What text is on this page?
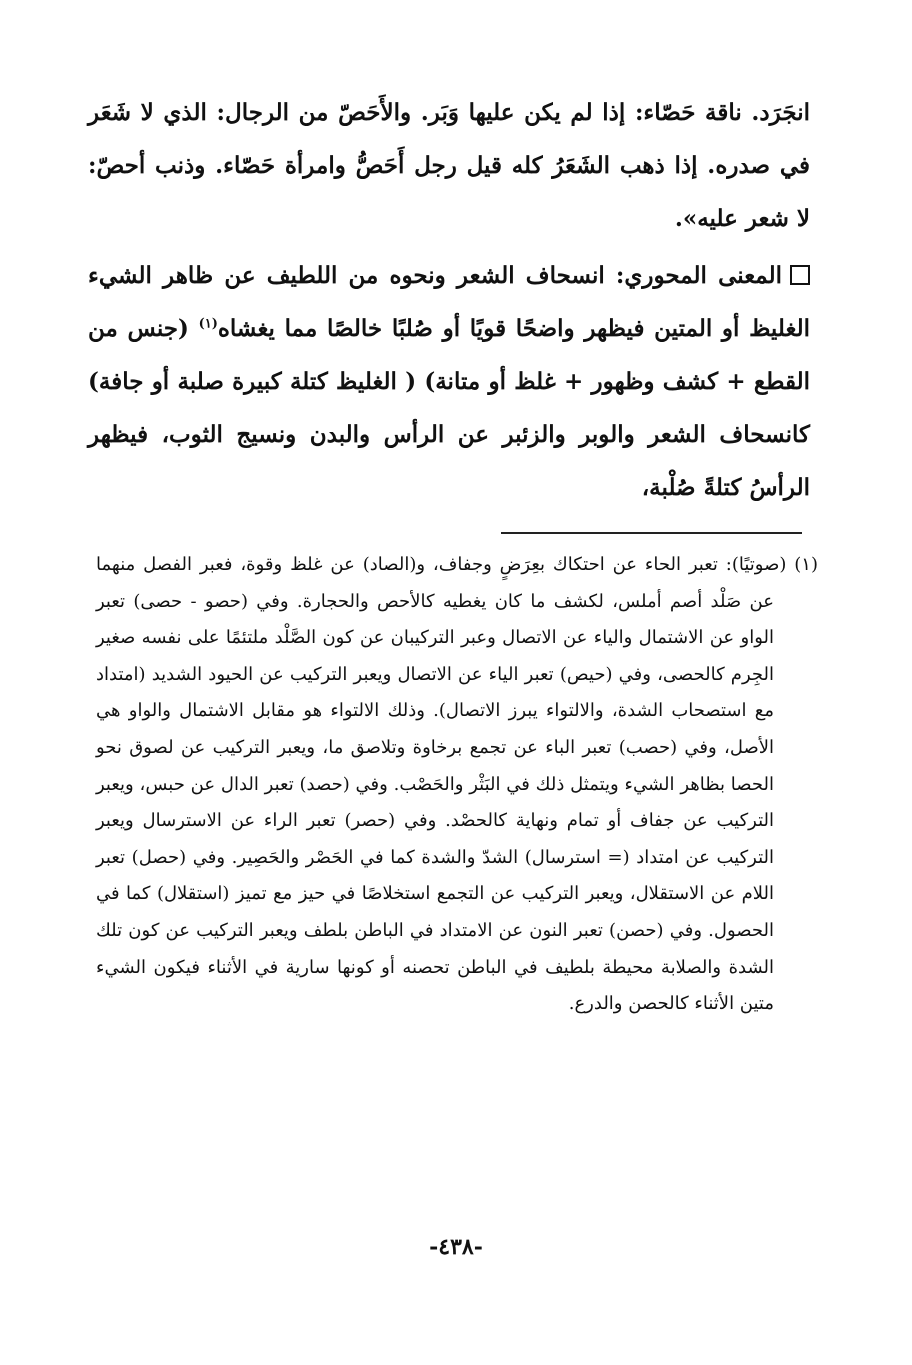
انجَرَد. ناقة حَصّاء: إذا لم يكن عليها وَبَر. والأَحَصّ من الرجال: الذي لا شَعَر في صدره. إذا ذهب الشَعَرُ كله قيل رجل أَحَصُّ وامرأة حَصّاء. وذنب أحصّ: لا شعر عليه».

المعنى المحوري: انسحاف الشعر ونحوه من اللطيف عن ظاهر الشيء الغليظ أو المتين فيظهر واضحًا قويًا أو صُلبًا خالصًا مما يغشاه$^{(١)}$ (جنس من القطع + كشف وظهور + غلظ أو متانة) ( الغليظ كتلة كبيرة صلبة أو جافة) كانسحاف الشعر والوبر والزئبر عن الرأس والبدن ونسيج الثوب، فيظهر الرأسُ كتلةً صُلْبة،

(١) (صوتيًا): تعبر الحاء عن احتكاك بعِرَضٍ وجفاف، و(الصاد) عن غلظ وقوة، فعبر الفصل منهما عن صَلْد أصم أملس، لكشف ما كان يغطيه كالأحص والحجارة. وفي (حصو - حصى) تعبر الواو عن الاشتمال والياء عن الاتصال وعبر التركيبان عن كون الصَّلْد ملتئمًا على نفسه صغير الجِرم كالحصى، وفي (حيص) تعبر الياء عن الاتصال ويعبر التركيب عن الحيود الشديد (امتداد مع استصحاب الشدة، والالتواء يبرز الاتصال). وذلك الالتواء هو مقابل الاشتمال والواو هي الأصل، وفي (حصب) تعبر الباء عن تجمع برخاوة وتلاصق ما، ويعبر التركيب عن لصوق نحو الحصا بظاهر الشيء ويتمثل ذلك في البَثْر والحَصْب. وفي (حصد) تعبر الدال عن حبس، ويعبر التركيب عن جفاف أو تمام ونهاية كالحصْد. وفي (حصر) تعبر الراء عن الاسترسال ويعبر التركيب عن امتداد (= استرسال) الشدّ والشدة كما في الحَصْر والحَصِير. وفي (حصل) تعبر اللام عن الاستقلال، ويعبر التركيب عن التجمع استخلاصًا في حيز مع تميز (استقلال) كما في الحصول. وفي (حصن) تعبر النون عن الامتداد في الباطن بلطف ويعبر التركيب عن كون تلك الشدة والصلابة محيطة بلطيف في الباطن تحصنه أو كونها سارية في الأثناء فيكون الشيء متين الأثناء كالحصن والدرع.

-٤٣٨-
